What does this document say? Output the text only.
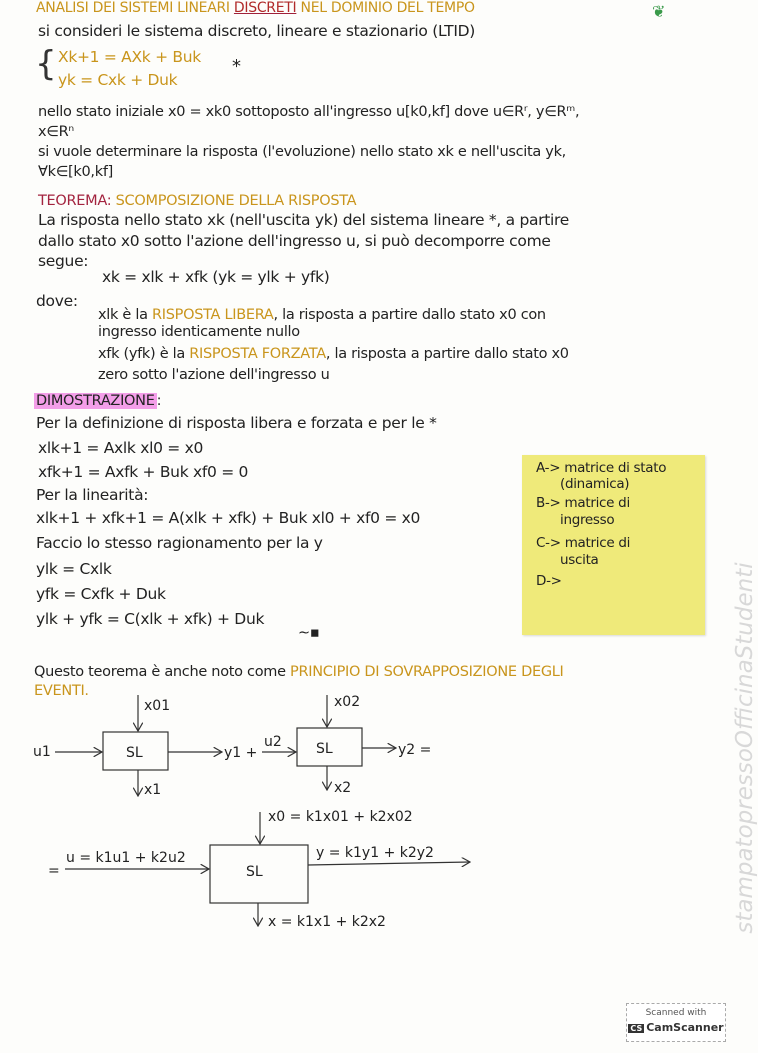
ANALISI DEI SISTEMI LINEARI DISCRETI NEL DOMINIO DEL TEMPO	❦
si consideri le sistema discreto, lineare e stazionario (LTID)
{ Xk+1 = AXk + Buk
yk = Cxk + Duk
*
nello stato iniziale x0 = xk0 sottoposto all'ingresso u[k0,kf] dove u∈Rʳ, y∈Rᵐ,
x∈Rⁿ
si vuole determinare la risposta (l'evoluzione) nello stato xk e nell'uscita yk,
∀k∈[k0,kf]
TEOREMA: SCOMPOSIZIONE DELLA RISPOSTA
La risposta nello stato xk (nell'uscita yk) del sistema lineare *, a partire
dallo stato x0 sotto l'azione dell'ingresso u, si può decomporre come
segue:
xk = xlk + xfk (yk = ylk + yfk)
dove:
xlk è la RISPOSTA LIBERA, la risposta a partire dallo stato x0 con
ingresso identicamente nullo
xfk (yfk) è la RISPOSTA FORZATA, la risposta a partire dallo stato x0
zero sotto l'azione dell'ingresso u
DIMOSTRAZIONE :
Per la definizione di risposta libera e forzata e per le *
xlk+1 = Axlk xl0 = x0
xfk+1 = Axfk + Buk xf0 = 0
Per la linearità:
xlk+1 + xfk+1 = A(xlk + xfk) + Buk xl0 + xf0 = x0
Faccio lo stesso ragionamento per la y
ylk = Cxlk
yfk = Cxfk + Duk
ylk + yfk = C(xlk + xfk) + Duk
∼▪
A-> matrice di stato
(dinamica)
B-> matrice di
ingresso
C-> matrice di
uscita
D->
Questo teorema è anche noto come PRINCIPIO DI SOVRAPPOSIZIONE DEGLI
EVENTI.
SL	SL
SL
u1
x01
x1
y1 +
u2
x02
x2
y2 =
=
x0 = k1x01 + k2x02
u = k1u1 + k2u2	y = k1y1 + k2y2
x = k1x1 + k2x2	stampatopressoOfficinaStudenti
Scanned with
CS CamScanner
